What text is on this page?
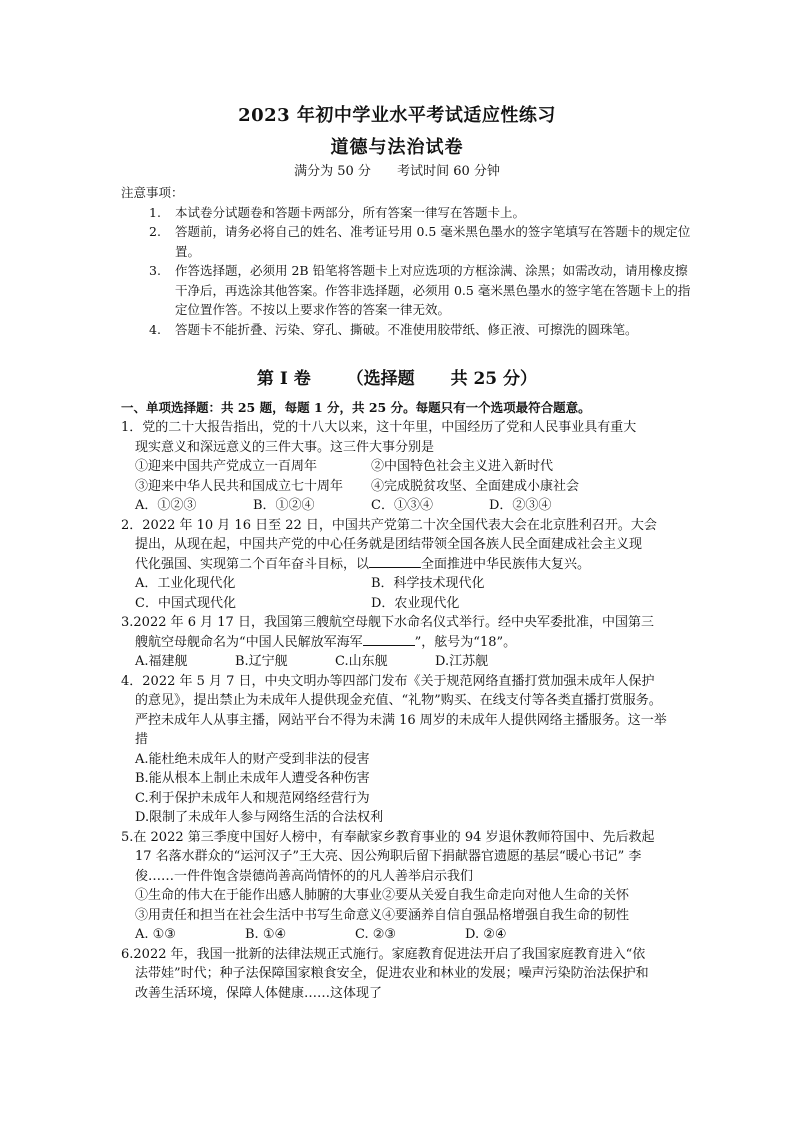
2023 年初中学业水平考试适应性练习
道德与法治试卷
满分为 50 分 考试时间 60 分钟
注意事项：
1.	本试卷分试题卷和答题卡两部分，所有答案一律写在答题卡上。
2.	答题前，请务必将自己的姓名、准考证号用 0.5 毫米黑色墨水的签字笔填写在答题卡的规定位置。
3.	作答选择题，必须用 2B 铅笔将答题卡上对应选项的方框涂满、涂黑；如需改动，请用橡皮擦干净后，再选涂其他答案。作答非选择题，必须用 0.5 毫米黑色墨水的签字笔在答题卡上的指定位置作答。不按以上要求作答的答案一律无效。
4.	答题卡不能折叠、污染、穿孔、撕破。不准使用胶带纸、修正液、可擦洗的圆珠笔。
第 Ⅰ 卷 （选择题 共 25 分）
一、单项选择题：共 25 题，每题 1 分，共 25 分。每题只有一个选项最符合题意。
1．党的二十大报告指出，党的十八大以来，这十年里，中国经历了党和人民事业具有重大
现实意义和深远意义的三件大事。这三件大事分别是
①迎来中国共产党成立一百周年	②中国特色社会主义进入新时代
③迎来中华人民共和国成立七十周年	④完成脱贫攻坚、全面建成小康社会
A．①②③	B．①②④	C．①③④	D．②③④
2．2022 年 10 月 16 日至 22 日，中国共产党第二十次全国代表大会在北京胜利召开。大会
提出，从现在起，中国共产党的中心任务就是团结带领全国各族人民全面建成社会主义现
代化强国、实现第二个百年奋斗目标，以	全面推进中华民族伟大复兴。
A．工业化现代化	B．科学技术现代化
C．中国式现代化	D．农业现代化
3.2022 年 6 月 17 日，我国第三艘航空母舰下水命名仪式举行。经中央军委批准，中国第三
艘航空母舰命名为“中国人民解放军海军	”，舷号为“18”。
A.福建舰	B.辽宁舰	C.山东舰	D.江苏舰
4．2022 年 5 月 7 日，中央文明办等四部门发布《关于规范网络直播打赏加强未成年人保护
的意见》，提出禁止为未成年人提供现金充值、“礼物”购买、在线支付等各类直播打赏服务。
严控未成年人从事主播，网站平台不得为未满 16 周岁的未成年人提供网络主播服务。这一举
措
A.能杜绝未成年人的财产受到非法的侵害
B.能从根本上制止未成年人遭受各种伤害
C.利于保护未成年人和规范网络经营行为
D.限制了未成年人参与网络生活的合法权利
5.在 2022 第三季度中国好人榜中，有奉献家乡教育事业的 94 岁退休教师符国中、先后救起
17 名落水群众的“运河汉子”王大亮、因公殉职后留下捐献器官遗愿的基层“暖心书记” 李
俊……一件件饱含崇德尚善高尚情怀的的凡人善举启示我们
①生命的伟大在于能作出感人肺腑的大事业②要从关爱自我生命走向对他人生命的关怀
③用责任和担当在社会生活中书写生命意义④要涵养自信自强品格增强自我生命的韧性
A. ①③	B. ①④	C. ②③	D. ②④
6.2022 年，我国一批新的法律法规正式施行。家庭教育促进法开启了我国家庭教育进入“依
法带娃”时代；种子法保障国家粮食安全，促进农业和林业的发展；噪声污染防治法保护和
改善生活环境，保障人体健康……这体现了
